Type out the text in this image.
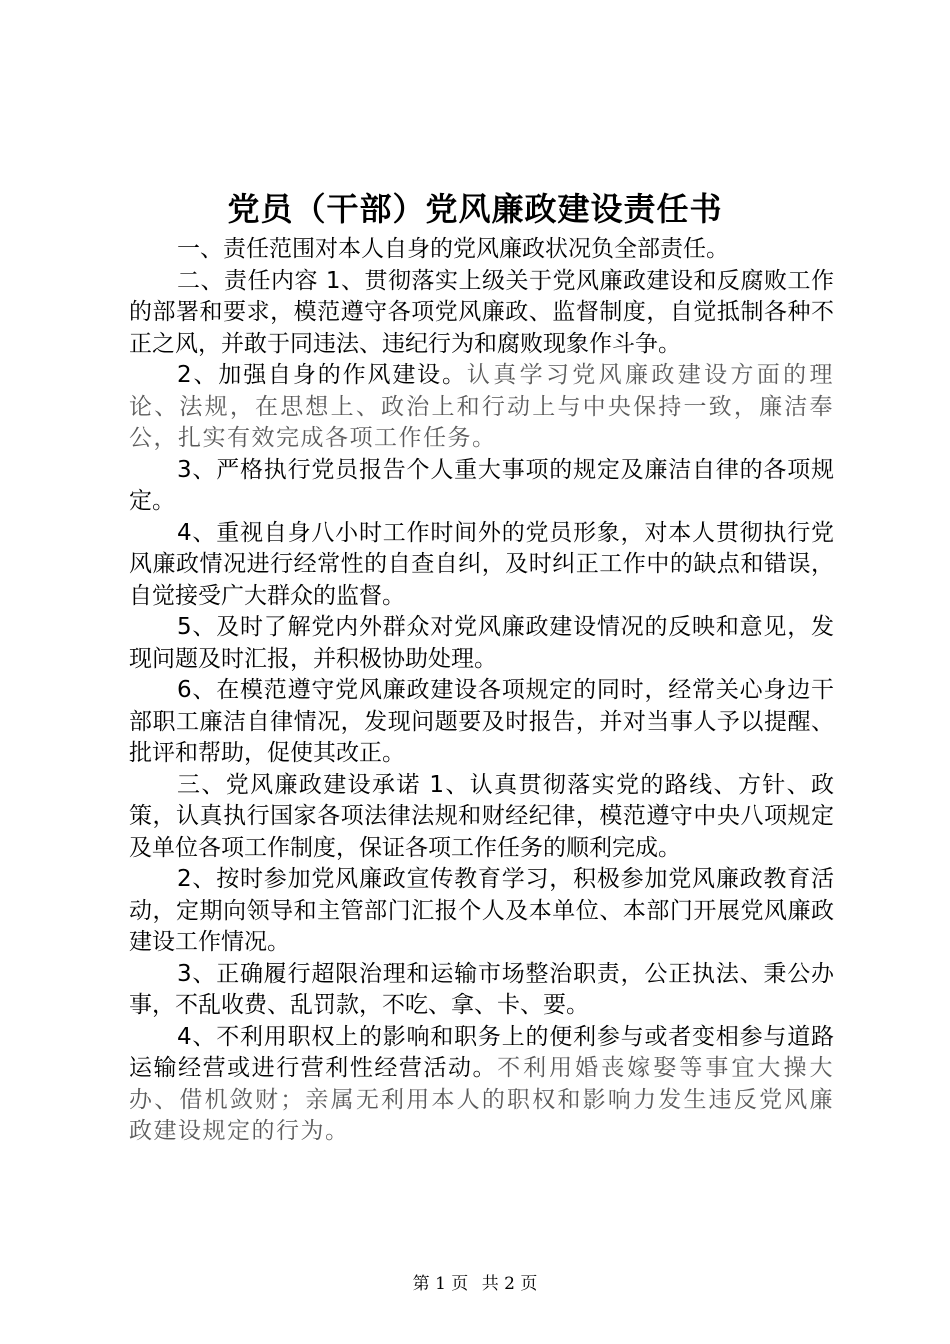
党员（干部）党风廉政建设责任书

一、责任范围对本人自身的党风廉政状况负全部责任。

二、责任内容 1、贯彻落实上级关于党风廉政建设和反腐败工作的部署和要求，模范遵守各项党风廉政、监督制度，自觉抵制各种不正之风，并敢于同违法、违纪行为和腐败现象作斗争。

2、加强自身的作风建设。认真学习党风廉政建设方面的理论、法规，在思想上、政治上和行动上与中央保持一致，廉洁奉公，扎实有效完成各项工作任务。

3、严格执行党员报告个人重大事项的规定及廉洁自律的各项规定。

4、重视自身八小时工作时间外的党员形象，对本人贯彻执行党风廉政情况进行经常性的自查自纠，及时纠正工作中的缺点和错误，自觉接受广大群众的监督。

5、及时了解党内外群众对党风廉政建设情况的反映和意见，发现问题及时汇报，并积极协助处理。

6、在模范遵守党风廉政建设各项规定的同时，经常关心身边干部职工廉洁自律情况，发现问题要及时报告，并对当事人予以提醒、批评和帮助，促使其改正。

三、党风廉政建设承诺 1、认真贯彻落实党的路线、方针、政策，认真执行国家各项法律法规和财经纪律，模范遵守中央八项规定及单位各项工作制度，保证各项工作任务的顺利完成。

2、按时参加党风廉政宣传教育学习，积极参加党风廉政教育活动，定期向领导和主管部门汇报个人及本单位、本部门开展党风廉政建设工作情况。

3、正确履行超限治理和运输市场整治职责，公正执法、秉公办事，不乱收费、乱罚款，不吃、拿、卡、要。

4、不利用职权上的影响和职务上的便利参与或者变相参与道路运输经营或进行营利性经营活动。不利用婚丧嫁娶等事宜大操大办、借机敛财；亲属无利用本人的职权和影响力发生违反党风廉政建设规定的行为。

第 1 页 共 2 页
